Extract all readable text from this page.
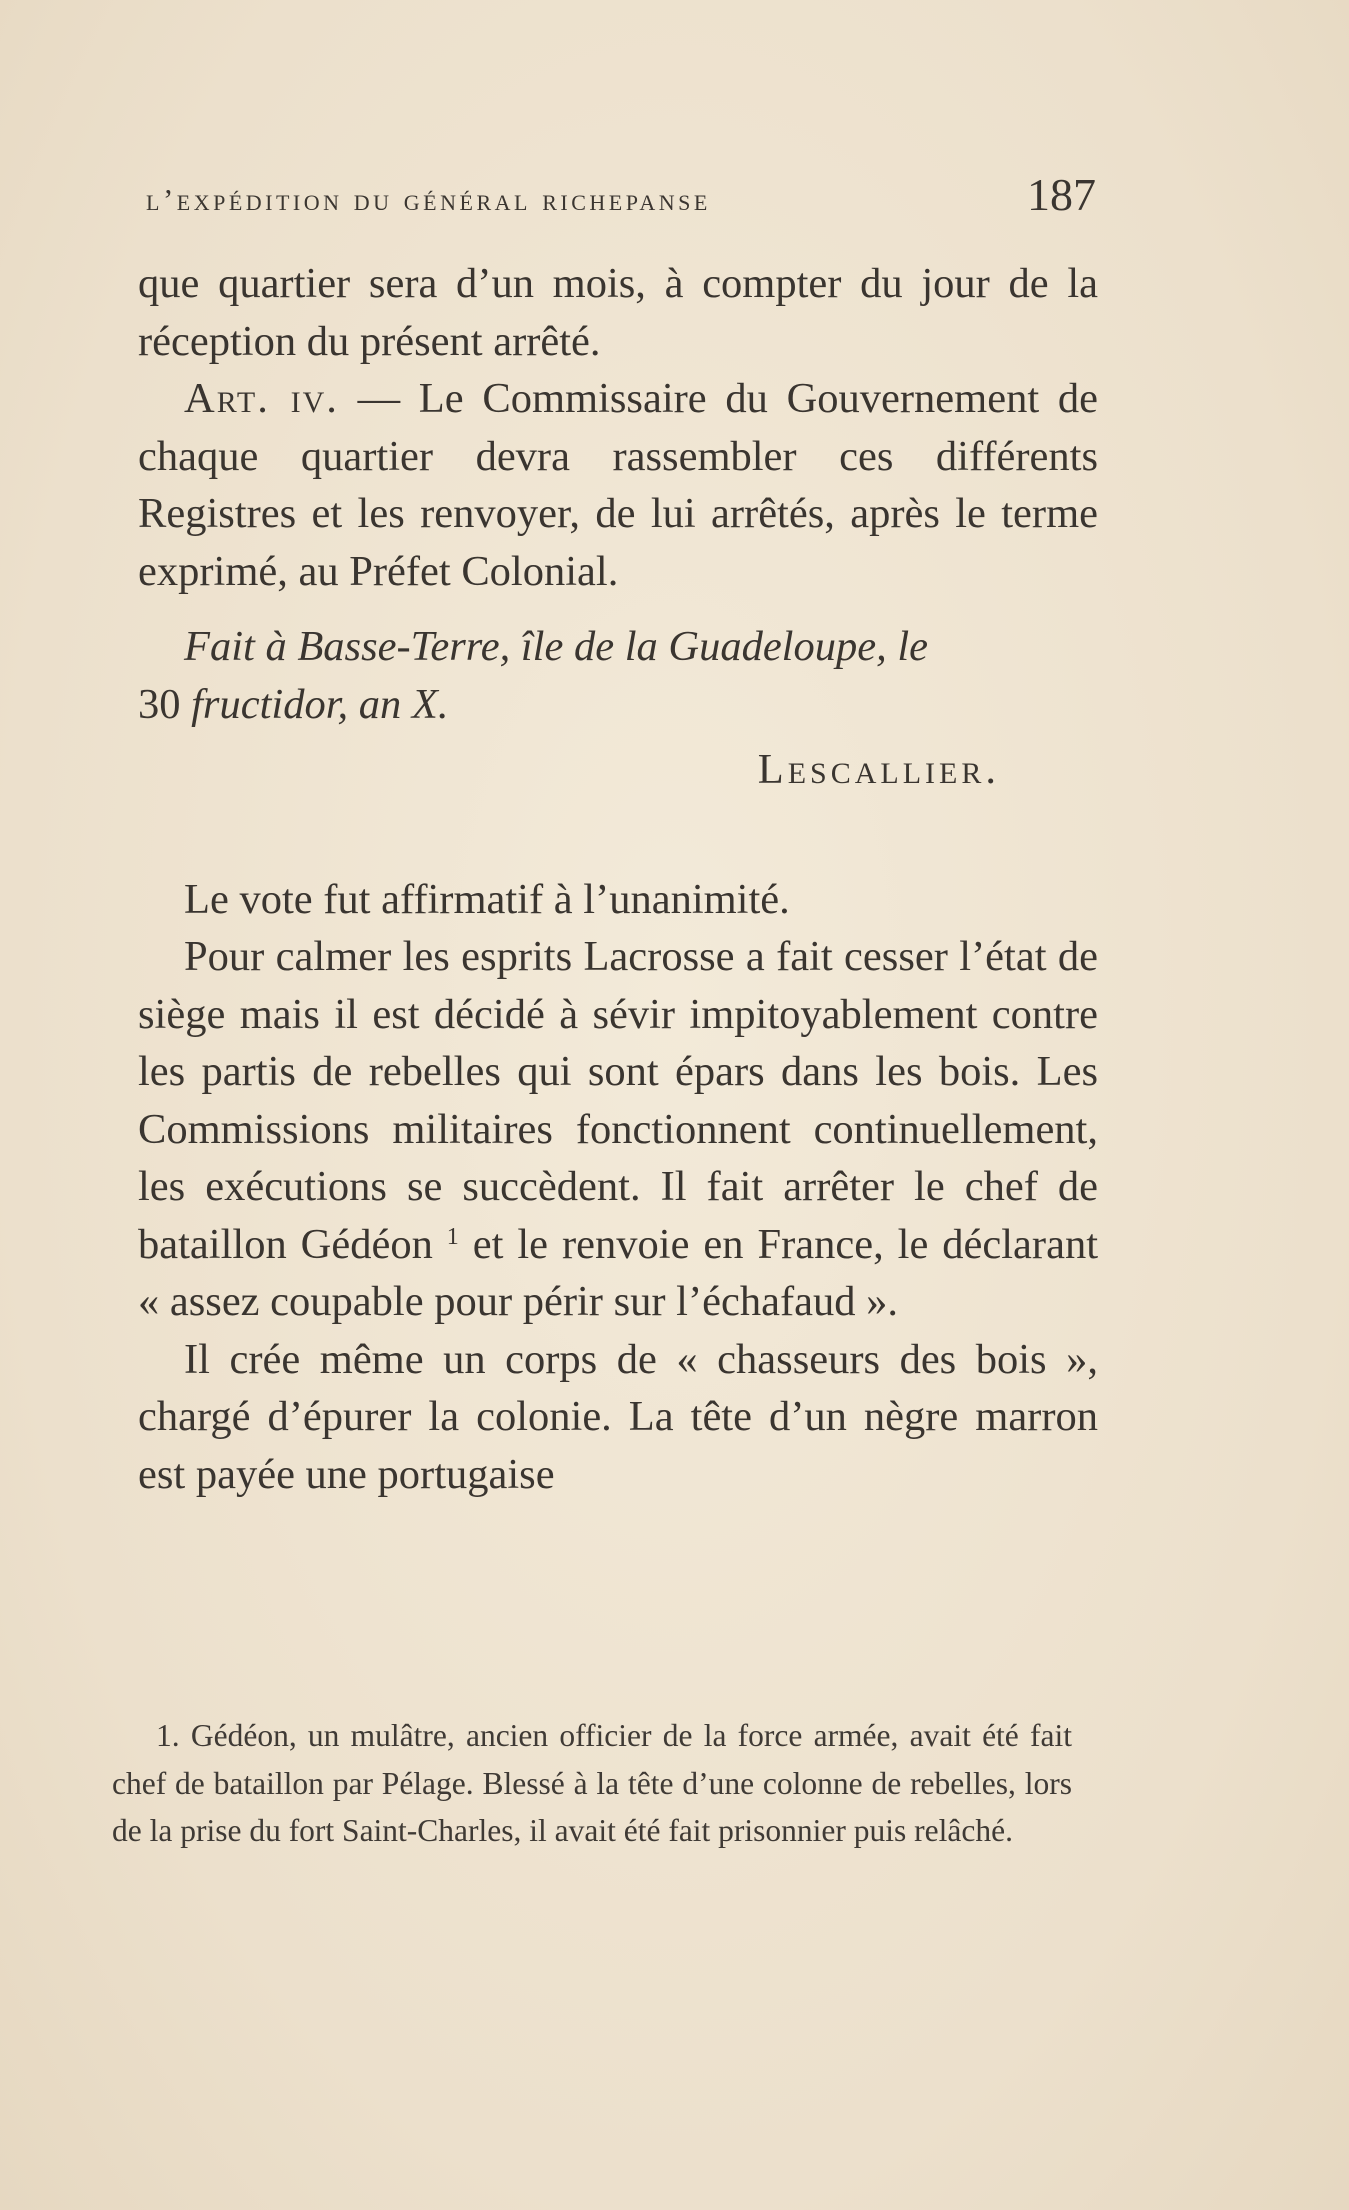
l’expédition du général richepanse	187

que quartier sera d’un mois, à compter du jour de la réception du présent arrêté.

Art. iv. — Le Commissaire du Gouvernement de chaque quartier devra rassembler ces différents Registres et les renvoyer, de lui arrêtés, après le terme exprimé, au Préfet Colonial.

Fait à Basse-Terre, île de la Guadeloupe, le
30 fructidor, an X.

Lescallier.

Le vote fut affirmatif à l’unanimité.

Pour calmer les esprits Lacrosse a fait cesser l’état de siège mais il est décidé à sévir impitoyablement contre les partis de rebelles qui sont épars dans les bois. Les Commissions militaires fonctionnent continuellement, les exécutions se succèdent. Il fait arrêter le chef de bataillon Gédéon $^1$ et le renvoie en France, le déclarant « assez coupable pour périr sur l’échafaud ».

Il crée même un corps de « chasseurs des bois », chargé d’épurer la colonie. La tête d’un nègre marron est payée une portugaise

1. Gédéon, un mulâtre, ancien officier de la force armée, avait été fait chef de bataillon par Pélage. Blessé à la tête d’une colonne de rebelles, lors de la prise du fort Saint-Charles, il avait été fait prisonnier puis relâché.
